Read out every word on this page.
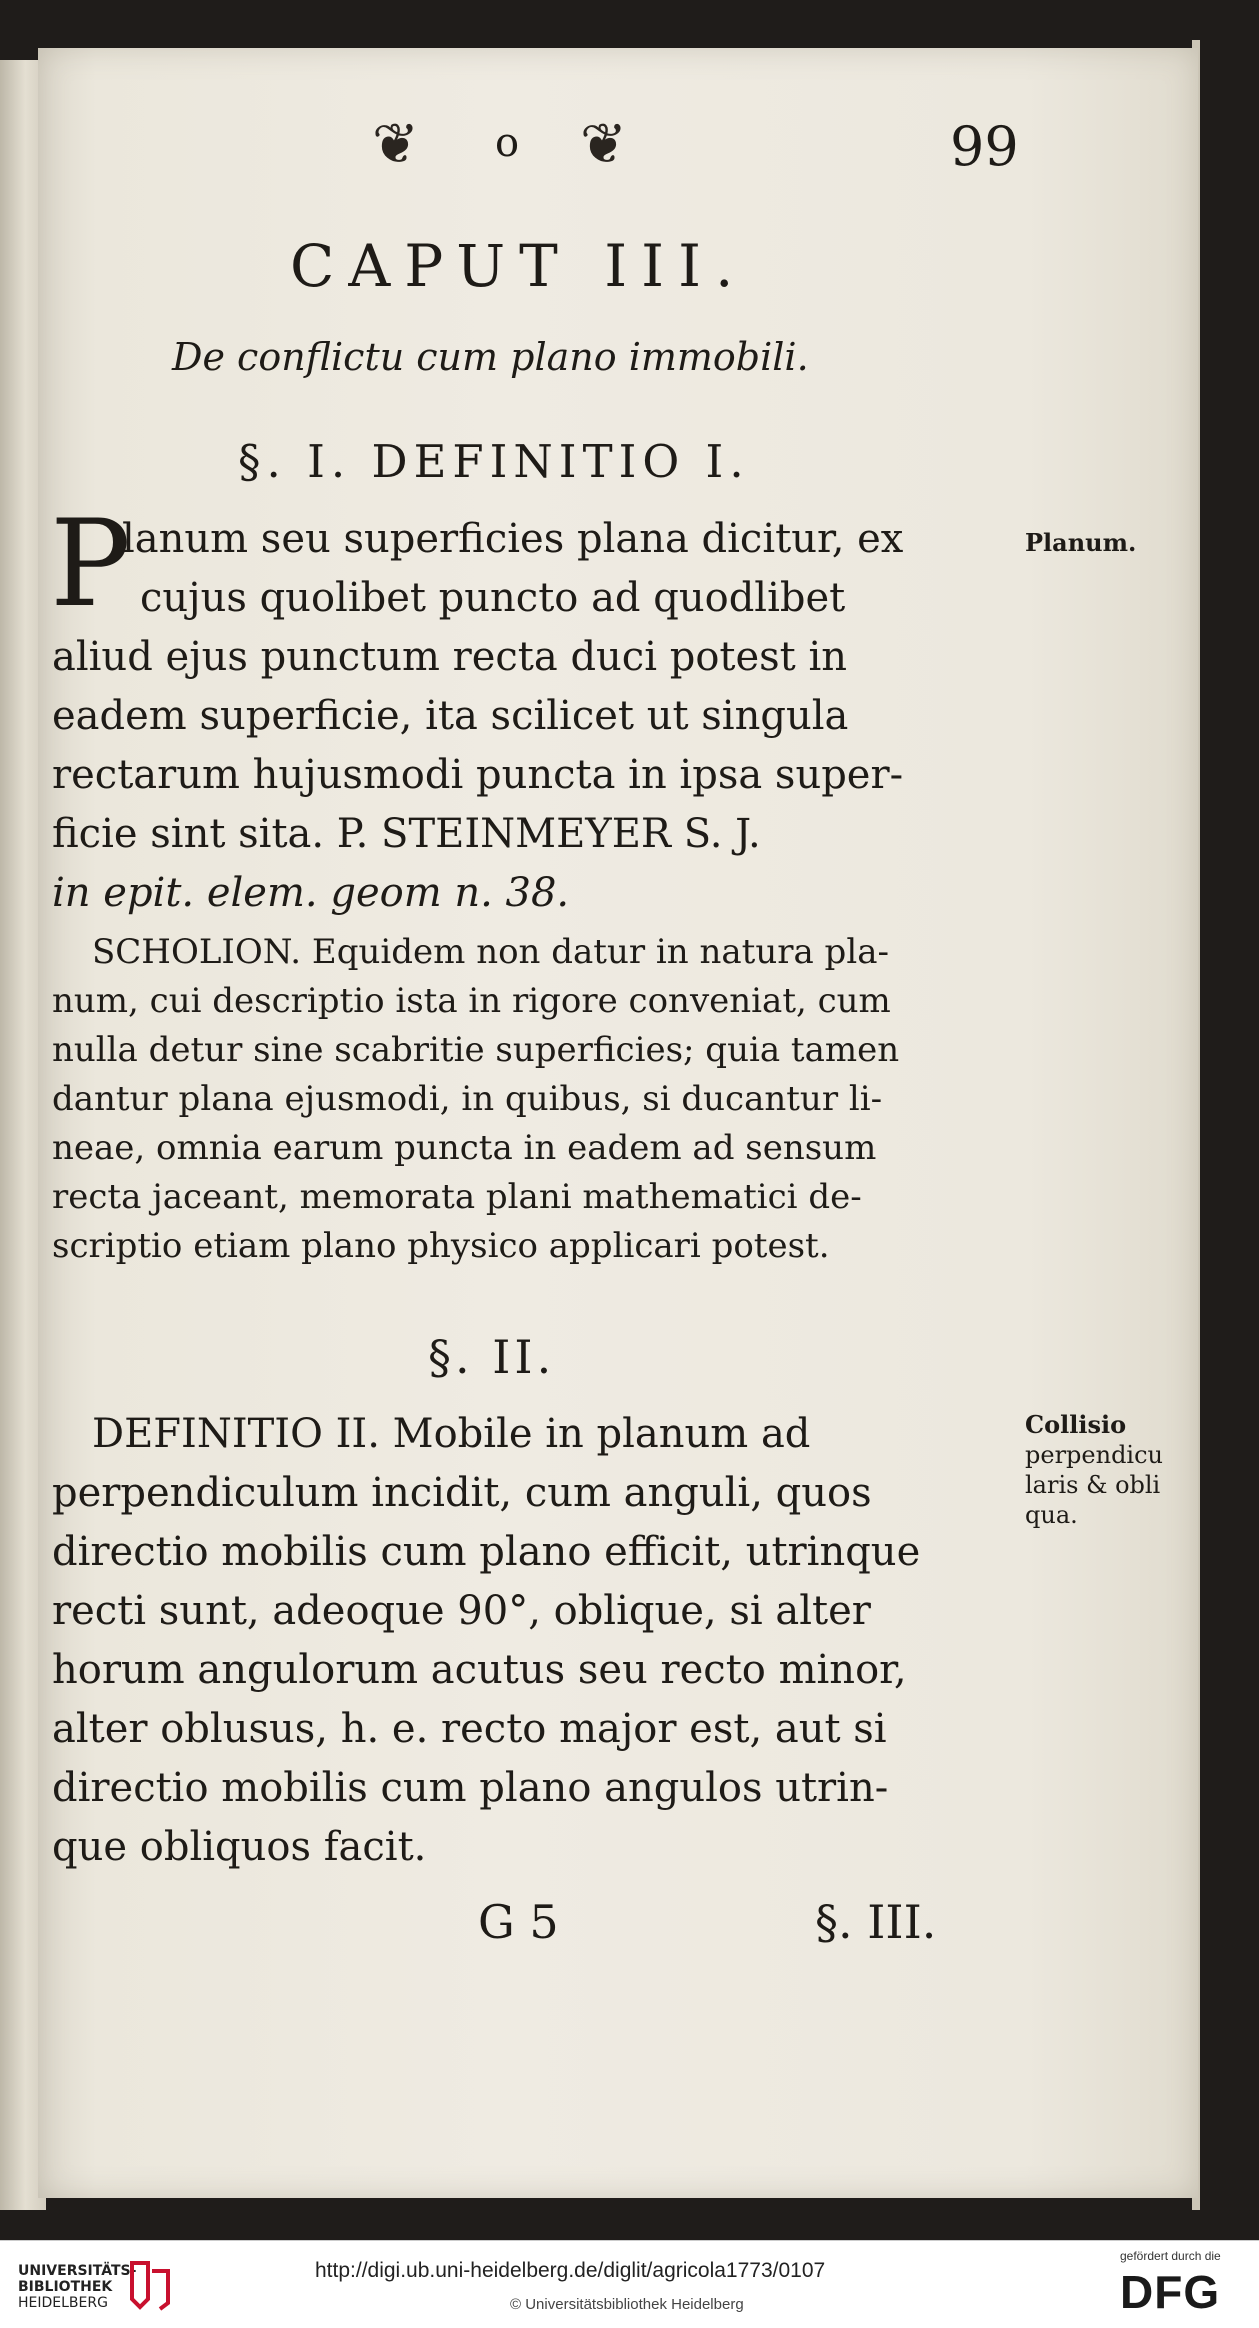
❦ o ❦	99
CAPUT III.
De conflictu cum plano immobili.
§. I. DEFINITIO I.
P
lanum seu superficies plana dicitur, ex
cujus quolibet puncto ad quodlibet
aliud ejus punctum recta duci potest in
eadem superficie, ita scilicet ut singula
rectarum hujusmodi puncta in ipsa super-
ficie sint sita. P. STEINMEYER S. J.
in epit. elem. geom n. 38.
Planum.
SCHOLION. Equidem non datur in natura pla-
num, cui descriptio ista in rigore conveniat, cum
nulla detur sine scabritie superficies; quia tamen
dantur plana ejusmodi, in quibus, si ducantur li-
neae, omnia earum puncta in eadem ad sensum
recta jaceant, memorata plani mathematici de-
scriptio etiam plano physico applicari potest.
§. II.
DEFINITIO II. Mobile in planum ad
perpendiculum incidit, cum anguli, quos
directio mobilis cum plano efficit, utrinque
recti sunt, adeoque 90°, oblique, si alter
horum angulorum acutus seu recto minor,
alter oblusus, h. e. recto major est, aut si
directio mobilis cum plano angulos utrin-
que obliquos facit.
Collisio
perpendicu
laris & obli
qua.
G 5	§. III.
UNIVERSITÄTS-
BIBLIOTHEK
HEIDELBERG
http://digi.ub.uni-heidelberg.de/diglit/agricola1773/0107
© Universitätsbibliothek Heidelberg
gefördert durch die
DFG
